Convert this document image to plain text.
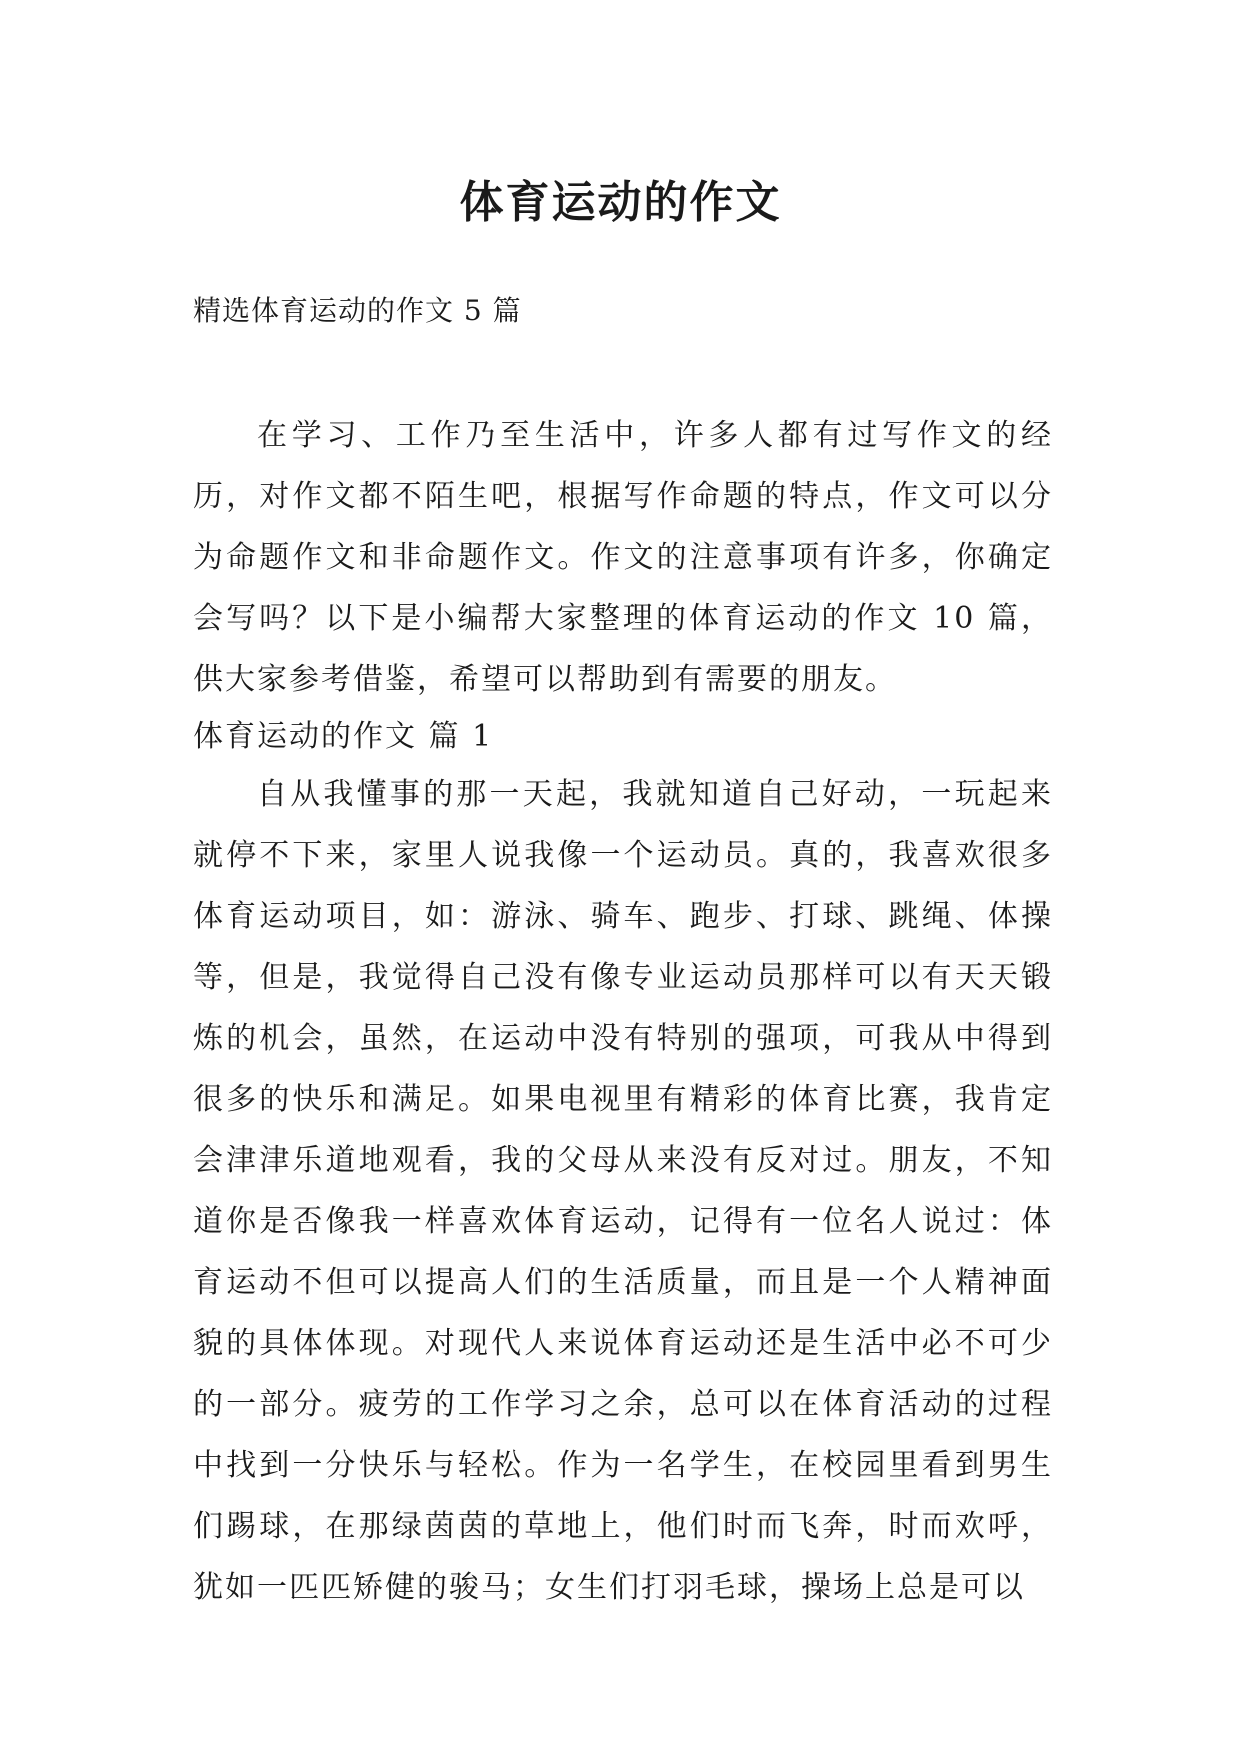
体育运动的作文
精选体育运动的作文 5 篇

在学习、工作乃至生活中，许多人都有过写作文的经历，对作文都不陌生吧，根据写作命题的特点，作文可以分为命题作文和非命题作文。作文的注意事项有许多，你确定会写吗？以下是小编帮大家整理的体育运动的作文 10 篇，供大家参考借鉴，希望可以帮助到有需要的朋友。

体育运动的作文 篇 1

自从我懂事的那一天起，我就知道自己好动，一玩起来就停不下来，家里人说我像一个运动员。真的，我喜欢很多体育运动项目，如：游泳、骑车、跑步、打球、跳绳、体操等，但是，我觉得自己没有像专业运动员那样可以有天天锻炼的机会，虽然，在运动中没有特别的强项，可我从中得到很多的快乐和满足。如果电视里有精彩的体育比赛，我肯定会津津乐道地观看，我的父母从来没有反对过。朋友，不知道你是否像我一样喜欢体育运动，记得有一位名人说过：体育运动不但可以提高人们的生活质量，而且是一个人精神面貌的具体体现。对现代人来说体育运动还是生活中必不可少的一部分。疲劳的工作学习之余，总可以在体育活动的过程中找到一分快乐与轻松。作为一名学生，在校园里看到男生们踢球，在那绿茵茵的草地上，他们时而飞奔，时而欢呼，犹如一匹匹矫健的骏马；女生们打羽毛球，操场上总是可以
